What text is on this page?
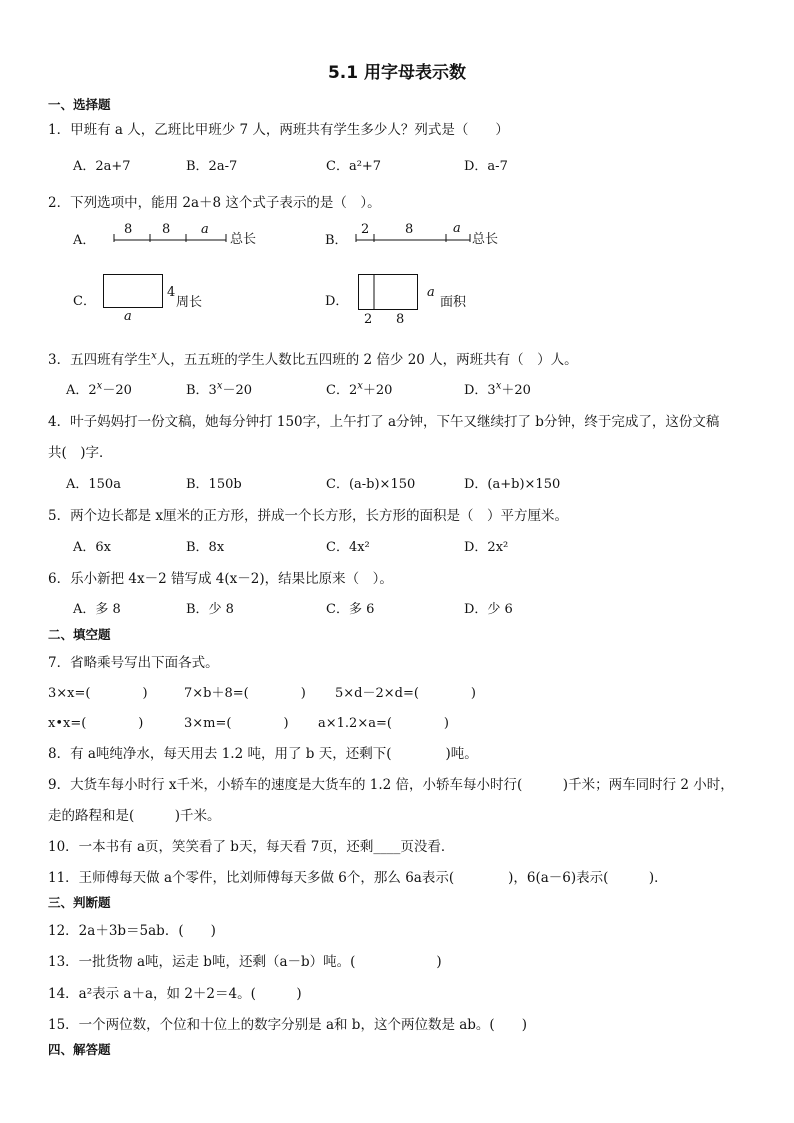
5.1 用字母表示数
一、选择题
1．甲班有 a 人，乙班比甲班少 7 人，两班共有学生多少人？列式是（　　）
A．2a+7	B．2a-7	C．a²+7	D．a-7
2．下列选项中，能用 2a＋8 这个式子表示的是（　）。
A．
8 8 a
总长	B．
2	8	a
总长
C．
4
周长
a
D．
a
面积
2 8
3．五四班有学生$^x$人，五五班的学生人数比五四班的 2 倍少 20 人，两班共有（　）人。
A．$2^x-20$	B．$3^x-20$	C．$2^x+20$	D．$3^x+20$
4．叶子妈妈打一份文稿，她每分钟打 150字，上午打了 a分钟，下午又继续打了 b分钟，终于完成了，这份文稿
共(　)字．
A．150a	B．150b	C．(a-b)×150	D．(a+b)×150
5．两个边长都是 x厘米的正方形，拼成一个长方形，长方形的面积是（　）平方厘米。
A．6x	B．8x	C．4x²	D．2x²
6．乐小新把 4x－2 错写成 4(x－2)，结果比原来（　）。
A．多 8	B．少 8	C．多 6	D．少 6
二、填空题
7．省略乘号写出下面各式。
3×x=(　　　　)	7×b＋8=(　　　　) 5×d－2×d=(　　　　)
x•x=(　　　　)	3×m=(　　　　) a×1.2×a=(　　　　)
8．有 a吨纯净水，每天用去 1.2 吨，用了 b 天，还剩下(　　　　)吨。
9．大货车每小时行 x千米，小轿车的速度是大货车的 1.2 倍，小轿车每小时行(　　　)千米；两车同时行 2 小时，
走的路程和是(　　　)千米。
10．一本书有 a页，笑笑看了 b天，每天看 7页，还剩____页没看．
11．王师傅每天做 a个零件，比刘师傅每天多做 6个，那么 6a表示(　　　　)，6(a－6)表示(　　　)．
三、判断题
12．2a＋3b＝5ab．(　　)
13．一批货物 a吨，运走 b吨，还剩（a－b）吨。(　　　　　　)
14．a²表示 a＋a，如 2＋2＝4。(　　　)
15．一个两位数，个位和十位上的数字分别是 a和 b，这个两位数是 ab。(　　)
四、解答题
